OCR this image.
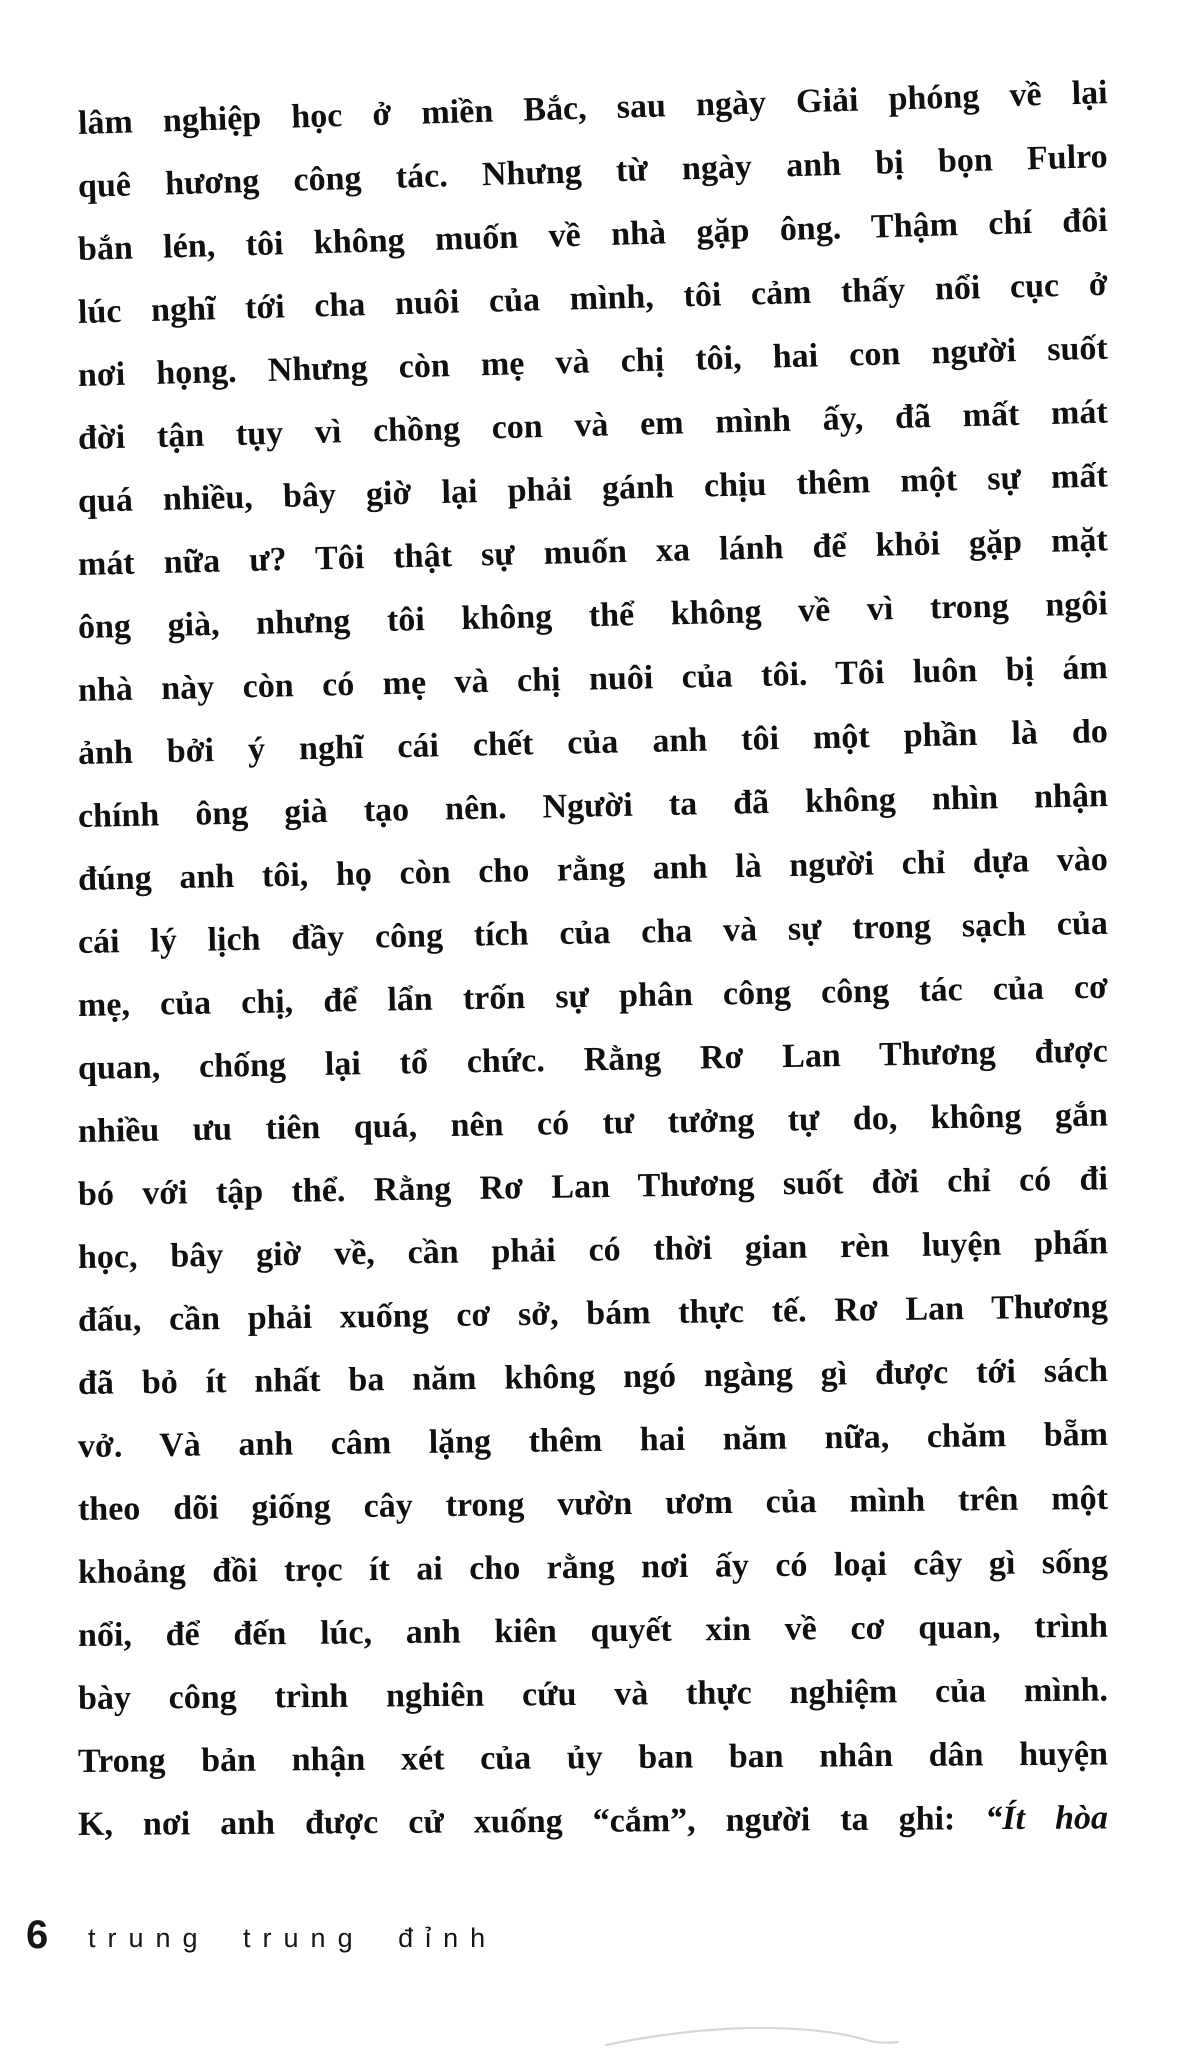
lâm nghiệp học ở miền Bắc, sau ngày Giải phóng về lại
quê hương công tác. Nhưng từ ngày anh bị bọn Fulro
bắn lén, tôi không muốn về nhà gặp ông. Thậm chí đôi
lúc nghĩ tới cha nuôi của mình, tôi cảm thấy nổi cục ở
nơi họng. Nhưng còn mẹ và chị tôi, hai con người suốt
đời tận tụy vì chồng con và em mình ấy, đã mất mát
quá nhiều, bây giờ lại phải gánh chịu thêm một sự mất
mát nữa ư? Tôi thật sự muốn xa lánh để khỏi gặp mặt
ông già, nhưng tôi không thể không về vì trong ngôi
nhà này còn có mẹ và chị nuôi của tôi. Tôi luôn bị ám
ảnh bởi ý nghĩ cái chết của anh tôi một phần là do
chính ông già tạo nên. Người ta đã không nhìn nhận
đúng anh tôi, họ còn cho rằng anh là người chỉ dựa vào
cái lý lịch đầy công tích của cha và sự trong sạch của
mẹ, của chị, để lẩn trốn sự phân công công tác của cơ
quan, chống lại tổ chức. Rằng Rơ Lan Thương được
nhiều ưu tiên quá, nên có tư tưởng tự do, không gắn
bó với tập thể. Rằng Rơ Lan Thương suốt đời chỉ có đi
học, bây giờ về, cần phải có thời gian rèn luyện phấn
đấu, cần phải xuống cơ sở, bám thực tế. Rơ Lan Thương
đã bỏ ít nhất ba năm không ngó ngàng gì được tới sách
vở. Và anh câm lặng thêm hai năm nữa, chăm bẵm
theo dõi giống cây trong vườn ươm của mình trên một
khoảng đồi trọc ít ai cho rằng nơi ấy có loại cây gì sống
nổi, để đến lúc, anh kiên quyết xin về cơ quan, trình
bày công trình nghiên cứu và thực nghiệm của mình.
Trong bản nhận xét của ủy ban ban nhân dân huyện
K, nơi anh được cử xuống “cắm”, người ta ghi: “Ít hòa
6 trung trung đỉnh
